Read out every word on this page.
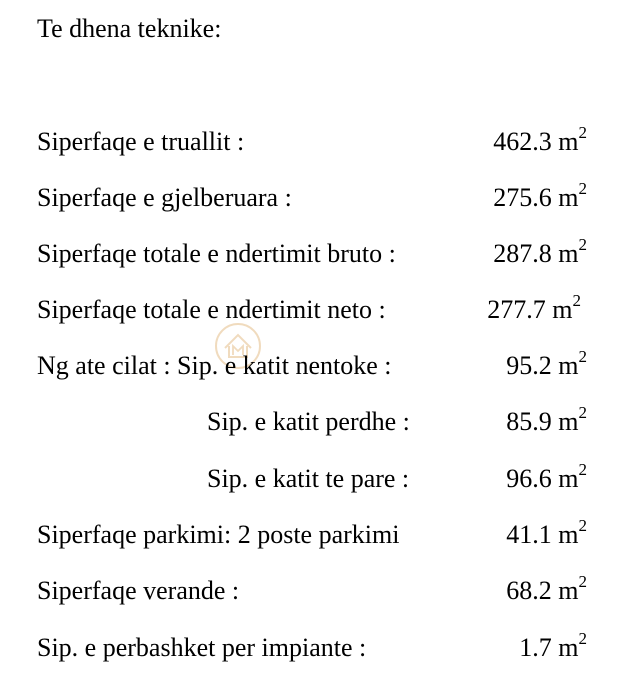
Te dhena teknike:
Siperfaqe e truallit :	462.3 $m^2$
Siperfaqe e gjelberuara :	275.6 $m^2$
Siperfaqe totale e ndertimit bruto :	287.8 $m^2$
Siperfaqe totale e ndertimit neto :	277.7 $m^2$
Ng ate cilat : Sip. e katit nentoke :	95.2 $m^2$
Sip. e katit perdhe :	85.9 $m^2$
Sip. e katit te pare :	96.6 $m^2$
Siperfaqe parkimi: 2 poste parkimi	41.1 $m^2$
Siperfaqe verande :	68.2 $m^2$
Sip. e perbashket per impiante :	1.7 $m^2$
